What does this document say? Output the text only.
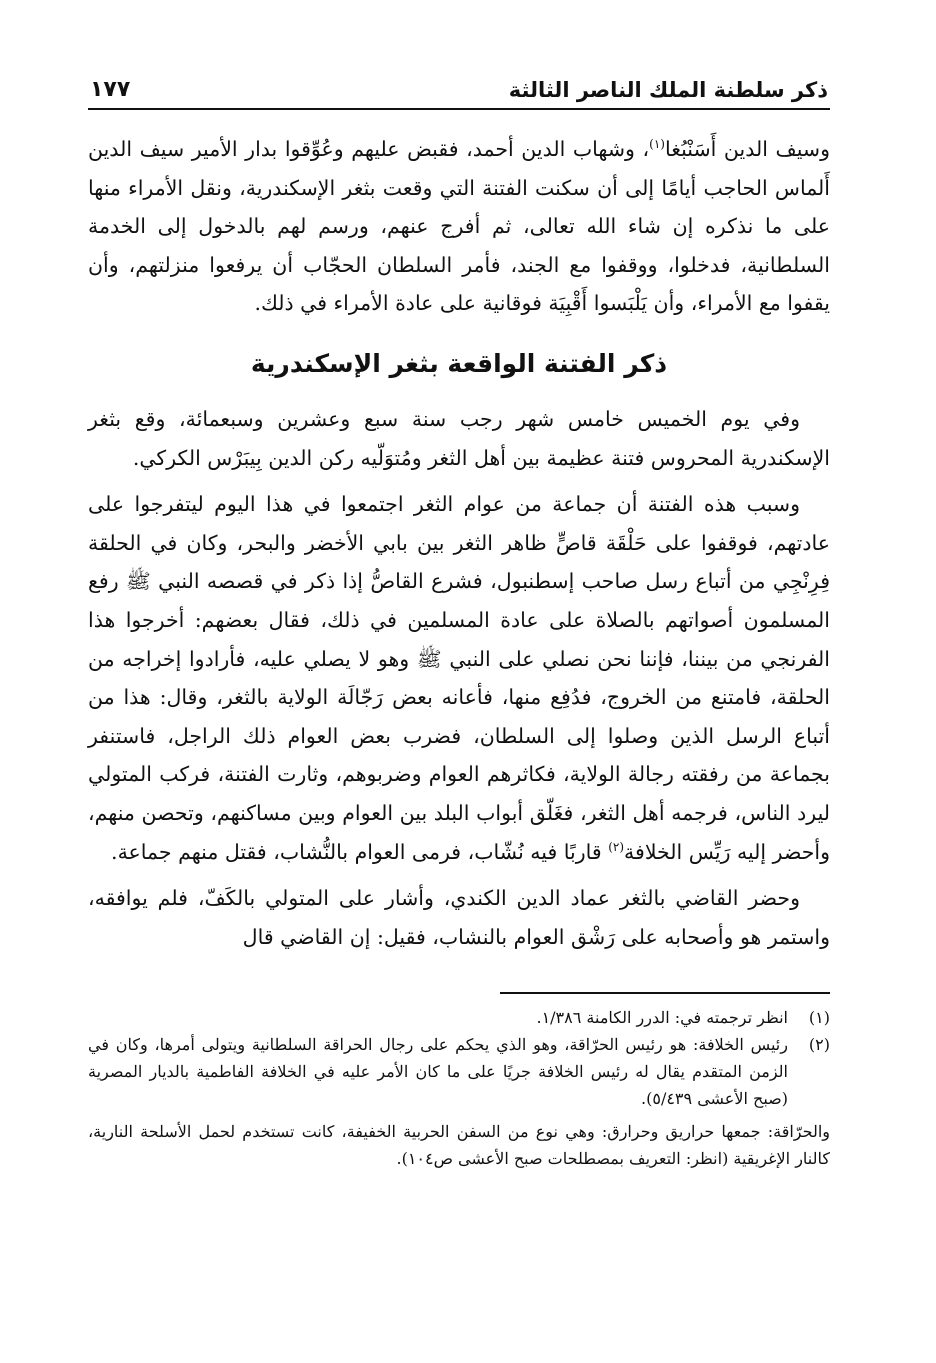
ذكر سلطنة الملك الناصر الثالثة
١٧٧

وسيف الدين أَسَنْبُغا$^{(١)}$، وشهاب الدين أحمد، فقبض عليهم وعُوِّقوا بدار الأمير سيف الدين أَلماس الحاجب أيامًا إلى أن سكنت الفتنة التي وقعت بثغر الإسكندرية، ونقل الأمراء منها على ما نذكره إن شاء الله تعالى، ثم أفرج عنهم، ورسم لهم بالدخول إلى الخدمة السلطانية، فدخلوا، ووقفوا مع الجند، فأمر السلطان الحجّاب أن يرفعوا منزلتهم، وأن يقفوا مع الأمراء، وأن يَلْبَسوا أَقْبِيَة فوقانية على عادة الأمراء في ذلك.

ذكر الفتنة الواقعة بثغر الإسكندرية

وفي يوم الخميس خامس شهر رجب سنة سبع وعشرين وسبعمائة، وقع بثغر الإسكندرية المحروس فتنة عظيمة بين أهل الثغر ومُتوَلّيه ركن الدين بِيبَرْس الكركي.

وسبب هذه الفتنة أن جماعة من عوام الثغر اجتمعوا في هذا اليوم ليتفرجوا على عادتهم، فوقفوا على حَلْقَة قاصٍّ ظاهر الثغر بين بابي الأخضر والبحر، وكان في الحلقة فِرِنْجِي من أتباع رسل صاحب إسطنبول، فشرع القاصُّ إذا ذكر في قصصه النبي ﷺ رفع المسلمون أصواتهم بالصلاة على عادة المسلمين في ذلك، فقال بعضهم: أخرجوا هذا الفرنجي من بيننا، فإننا نحن نصلي على النبي ﷺ وهو لا يصلي عليه، فأرادوا إخراجه من الحلقة، فامتنع من الخروج، فدُفِع منها، فأعانه بعض رَجّالَة الولاية بالثغر، وقال: هذا من أتباع الرسل الذين وصلوا إلى السلطان، فضرب بعض العوام ذلك الراجل، فاستنفر بجماعة من رفقته رجالة الولاية، فكاثرهم العوام وضربوهم، وثارت الفتنة، فركب المتولي ليرد الناس، فرجمه أهل الثغر، فغَلّق أبواب البلد بين العوام وبين مساكنهم، وتحصن منهم، وأحضر إليه رَيِّس الخلافة$^{(٢)}$ قاربًا فيه نُشّاب، فرمى العوام بالنُّشاب، فقتل منهم جماعة.

وحضر القاضي بالثغر عماد الدين الكندي، وأشار على المتولي بالكَفّ، فلم يوافقه، واستمر هو وأصحابه على رَشْق العوام بالنشاب، فقيل: إن القاضي قال

(١)
انظر ترجمته في: الدرر الكامنة ١/٣٨٦.
(٢)
رئيس الخلافة: هو رئيس الحرّاقة، وهو الذي يحكم على رجال الحراقة السلطانية ويتولى أمرها، وكان في الزمن المتقدم يقال له رئيس الخلافة جريًا على ما كان الأمر عليه في الخلافة الفاطمية بالديار المصرية (صبح الأعشى ٥/٤٣٩).

والحرّاقة: جمعها حراريق وحرارق: وهي نوع من السفن الحربية الخفيفة، كانت تستخدم لحمل الأسلحة النارية، كالنار الإغريقية (انظر: التعريف بمصطلحات صبح الأعشى ص١٠٤).
